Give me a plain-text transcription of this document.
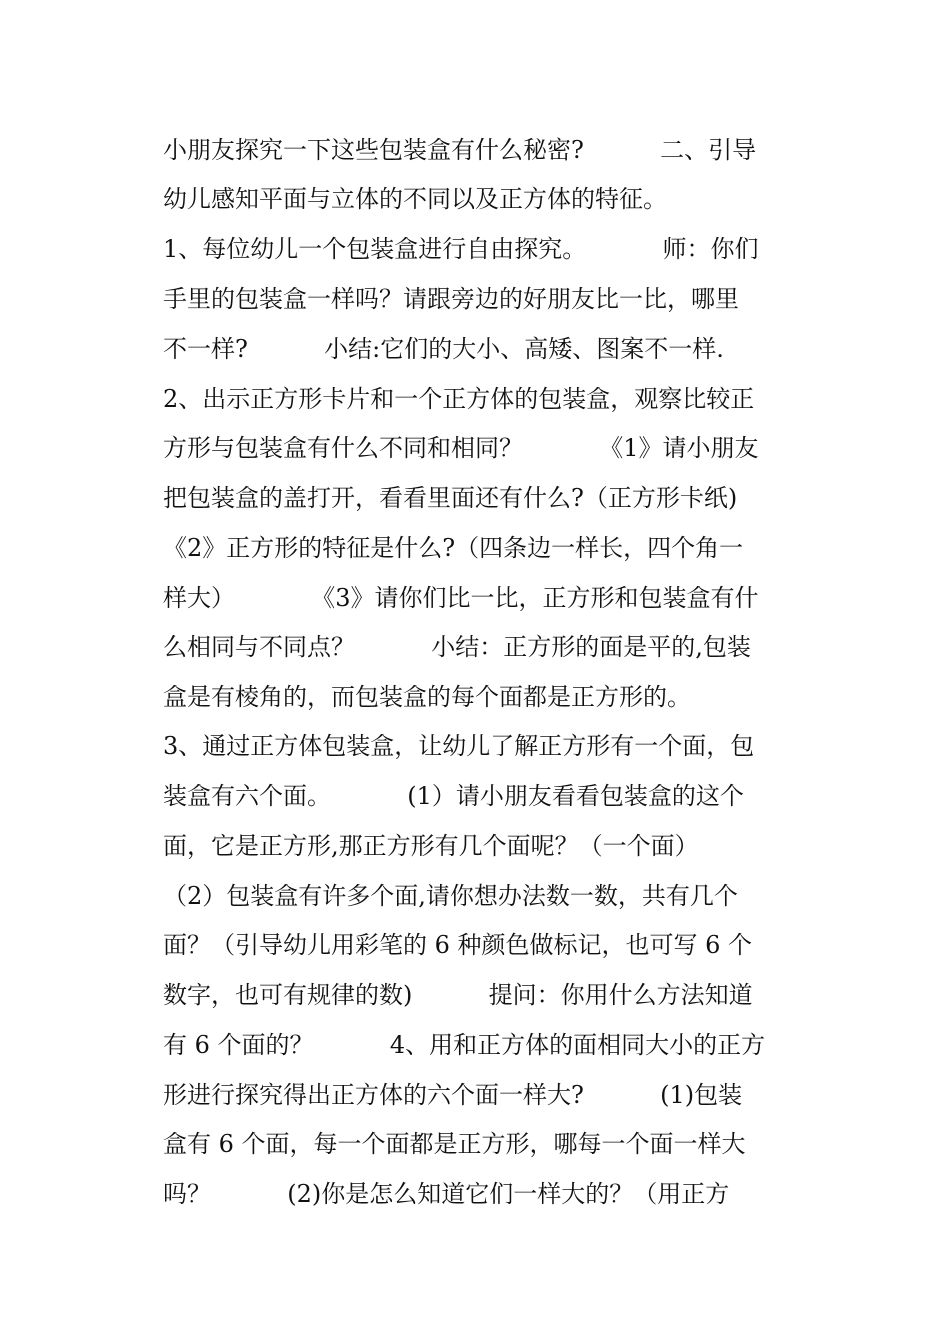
小朋友探究一下这些包装盒有什么秘密?          二、引导
幼儿感知平面与立体的不同以及正方体的特征。
1、每位幼儿一个包装盒进行自由探究。          师：你们
手里的包装盒一样吗？请跟旁边的好朋友比一比，哪里
不一样?          小结:它们的大小、高矮、图案不一样.
2、出示正方形卡片和一个正方体的包装盒，观察比较正
方形与包装盒有什么不同和相同？          《1》请小朋友
把包装盒的盖打开，看看里面还有什么?（正方形卡纸)
《2》正方形的特征是什么?（四条边一样长，四个角一
样大）          《3》请你们比一比，正方形和包装盒有什
么相同与不同点？          小结：正方形的面是平的,包装
盒是有棱角的，而包装盒的每个面都是正方形的。
3、通过正方体包装盒，让幼儿了解正方形有一个面，包
装盒有六个面。          (1）请小朋友看看包装盒的这个
面，它是正方形,那正方形有几个面呢？（一个面）
（2）包装盒有许多个面,请你想办法数一数，共有几个
面？（引导幼儿用彩笔的 6 种颜色做标记，也可写 6 个
数字，也可有规律的数)          提问：你用什么方法知道
有 6 个面的？          4、用和正方体的面相同大小的正方
形进行探究得出正方体的六个面一样大?          (1)包装
盒有 6 个面，每一个面都是正方形，哪每一个面一样大
吗？          (2)你是怎么知道它们一样大的？（用正方
